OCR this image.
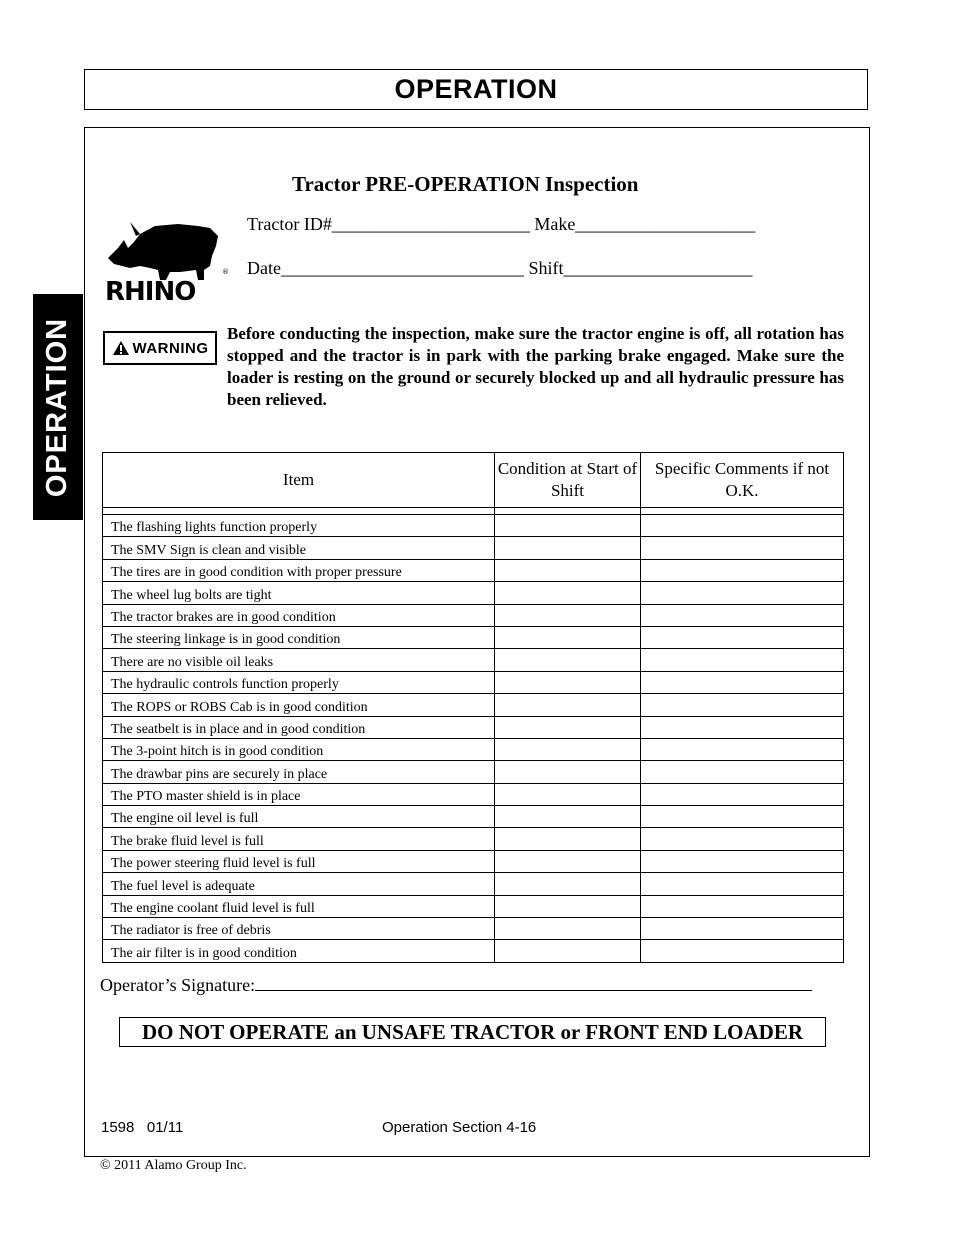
OPERATION
OPERATION
Tractor PRE-OPERATION Inspection
Tractor ID#______________________ Make____________________
Date___________________________ Shift_____________________
RHINO
®
WARNING
Before conducting the inspection, make sure the tractor engine is off, all rotation has stopped and the tractor is in park with the parking brake engaged. Make sure the loader is resting on the ground or securely blocked up and all hydraulic pressure has been relieved.
Item	Condition at Start of Shift	Specific Comments if not O.K.

The flashing lights function properly		
The SMV Sign is clean and visible		
The tires are in good condition with proper pressure		
The wheel lug bolts are tight		
The tractor brakes are in good condition		
The steering linkage is in good condition		
There are no visible oil leaks		
The hydraulic controls function properly		
The ROPS or ROBS Cab is in good condition		
The seatbelt is in place and in good condition		
The 3-point hitch is in good condition		
The drawbar pins are securely in place		
The PTO master shield is in place		
The engine oil level is full		
The brake fluid level is full		
The power steering fluid level is full		
The fuel level is adequate		
The engine coolant fluid level is full		
The radiator is free of debris		
The air filter is in good condition		
Operator’s Signature:
DO NOT OPERATE an UNSAFE TRACTOR or FRONT END LOADER
1598   01/11	Operation Section 4-16
© 2011 Alamo Group Inc.
